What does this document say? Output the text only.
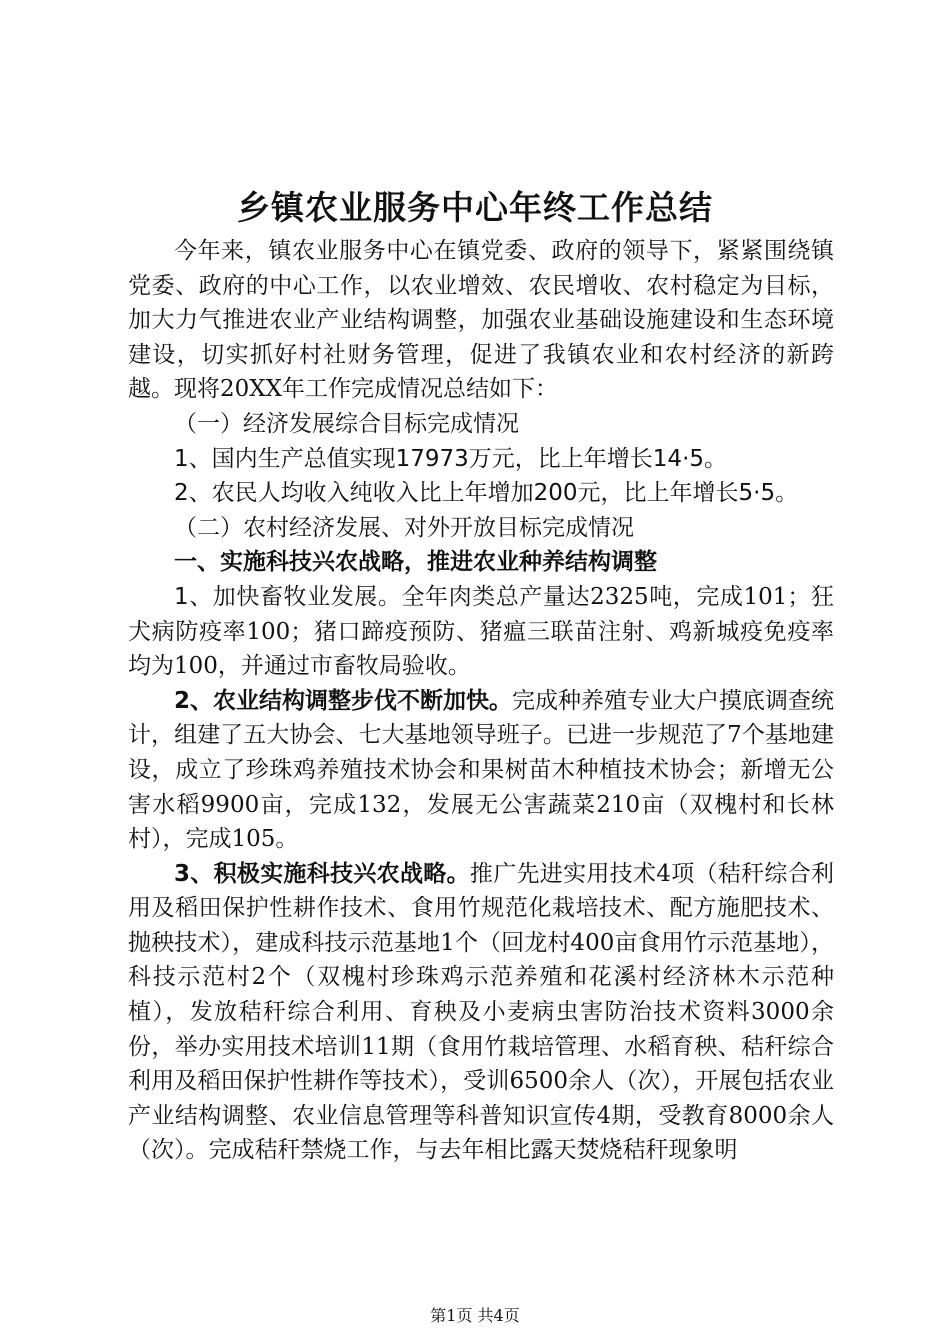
乡镇农业服务中心年终工作总结

今年来，镇农业服务中心在镇党委、政府的领导下，紧紧围绕镇党委、政府的中心工作，以农业增效、农民增收、农村稳定为目标，加大力气推进农业产业结构调整，加强农业基础设施建设和生态环境建设，切实抓好村社财务管理，促进了我镇农业和农村经济的新跨越。现将20XX年工作完成情况总结如下：

（一）经济发展综合目标完成情况

1、国内生产总值实现17973万元，比上年增长14·5。

2、农民人均收入纯收入比上年增加200元，比上年增长5·5。

（二）农村经济发展、对外开放目标完成情况

一、实施科技兴农战略，推进农业种养结构调整

1、加快畜牧业发展。全年肉类总产量达2325吨，完成101；狂犬病防疫率100；猪口蹄疫预防、猪瘟三联苗注射、鸡新城疫免疫率均为100，并通过市畜牧局验收。

2、农业结构调整步伐不断加快。完成种养殖专业大户摸底调查统计，组建了五大协会、七大基地领导班子。已进一步规范了7个基地建设，成立了珍珠鸡养殖技术协会和果树苗木种植技术协会；新增无公害水稻9900亩，完成132，发展无公害蔬菜210亩（双槐村和长林村），完成105。

3、积极实施科技兴农战略。推广先进实用技术4项（秸秆综合利用及稻田保护性耕作技术、食用竹规范化栽培技术、配方施肥技术、抛秧技术），建成科技示范基地1个（回龙村400亩食用竹示范基地），科技示范村2个（双槐村珍珠鸡示范养殖和花溪村经济林木示范种植），发放秸秆综合利用、育秧及小麦病虫害防治技术资料3000余份，举办实用技术培训11期（食用竹栽培管理、水稻育秧、秸秆综合利用及稻田保护性耕作等技术），受训6500余人（次），开展包括农业产业结构调整、农业信息管理等科普知识宣传4期，受教育8000余人（次）。完成秸秆禁烧工作，与去年相比露天焚烧秸秆现象明

第1页 共4页
